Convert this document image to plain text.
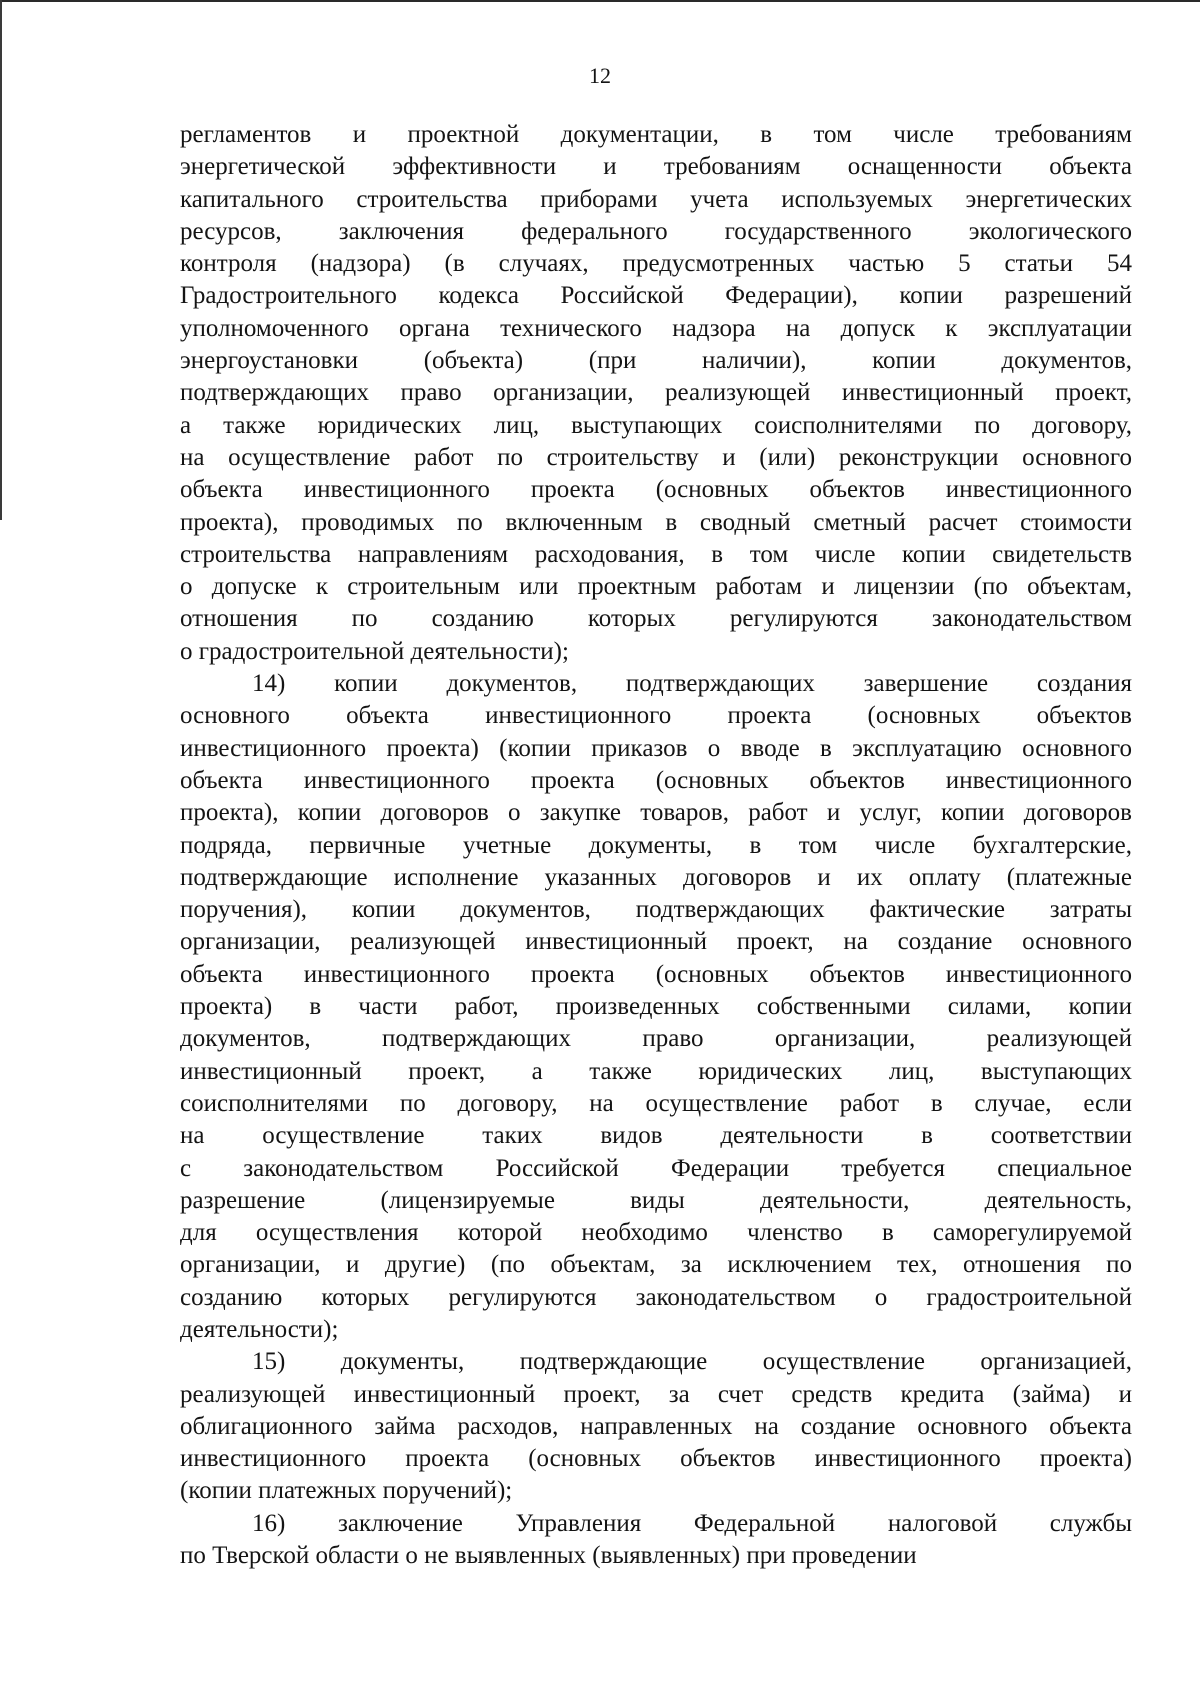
12
регламентов и проектной документации, в том числе требованиям
энергетической эффективности и требованиям оснащенности объекта
капитального строительства приборами учета используемых энергетических
ресурсов, заключения федерального государственного экологического
контроля (надзора) (в случаях, предусмотренных частью 5 статьи 54
Градостроительного кодекса Российской Федерации), копии разрешений
уполномоченного органа технического надзора на допуск к эксплуатации
энергоустановки (объекта) (при наличии), копии документов,
подтверждающих право организации, реализующей инвестиционный проект,
а также юридических лиц, выступающих соисполнителями по договору,
на осуществление работ по строительству и (или) реконструкции основного
объекта инвестиционного проекта (основных объектов инвестиционного
проекта), проводимых по включенным в сводный сметный расчет стоимости
строительства направлениям расходования, в том числе копии свидетельств
о допуске к строительным или проектным работам и лицензии (по объектам,
отношения по созданию которых регулируются законодательством
о градостроительной деятельности);
14) копии документов, подтверждающих завершение создания
основного объекта инвестиционного проекта (основных объектов
инвестиционного проекта) (копии приказов о вводе в эксплуатацию основного
объекта инвестиционного проекта (основных объектов инвестиционного
проекта), копии договоров о закупке товаров, работ и услуг, копии договоров
подряда, первичные учетные документы, в том числе бухгалтерские,
подтверждающие исполнение указанных договоров и их оплату (платежные
поручения), копии документов, подтверждающих фактические затраты
организации, реализующей инвестиционный проект, на создание основного
объекта инвестиционного проекта (основных объектов инвестиционного
проекта) в части работ, произведенных собственными силами, копии
документов, подтверждающих право организации, реализующей
инвестиционный проект, а также юридических лиц, выступающих
соисполнителями по договору, на осуществление работ в случае, если
на осуществление таких видов деятельности в соответствии
с законодательством Российской Федерации требуется специальное
разрешение (лицензируемые виды деятельности, деятельность,
для осуществления которой необходимо членство в саморегулируемой
организации, и другие) (по объектам, за исключением тех, отношения по
созданию которых регулируются законодательством о градостроительной
деятельности);
15) документы, подтверждающие осуществление организацией,
реализующей инвестиционный проект, за счет средств кредита (займа) и
облигационного займа расходов, направленных на создание основного объекта
инвестиционного проекта (основных объектов инвестиционного проекта)
(копии платежных поручений);
16) заключение Управления Федеральной налоговой службы
по Тверской области о не выявленных (выявленных) при проведении
